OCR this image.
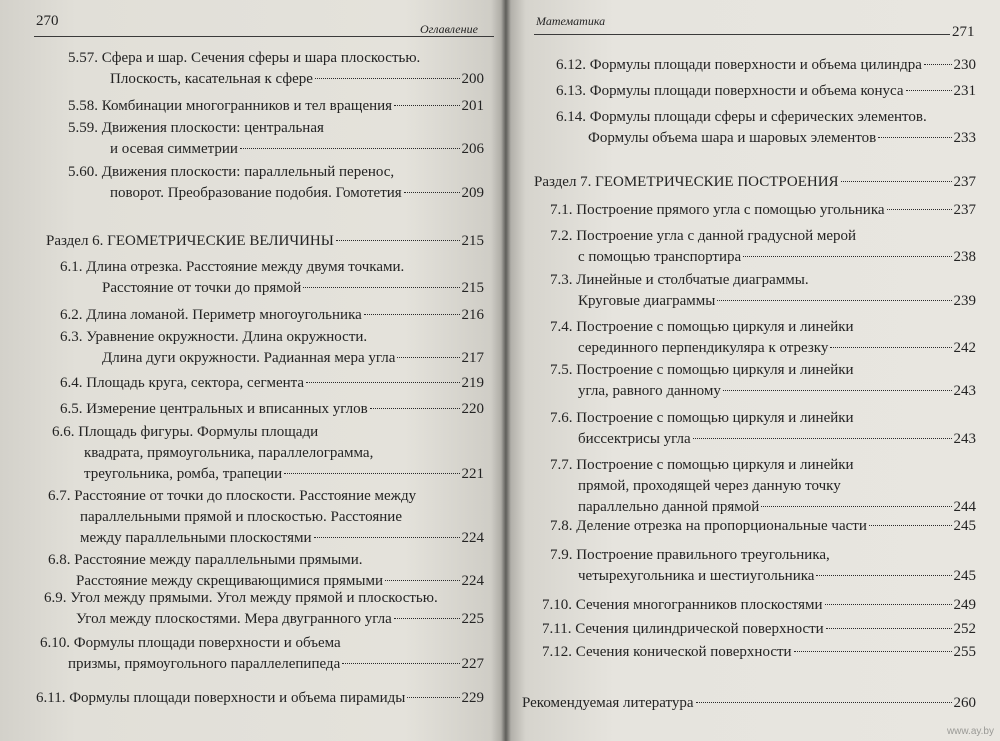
270	Оглавление
5.57. Сфера и шар. Сечения сферы и шара плоскостью.
Плоскость, касательная к сфере	200
5.58. Комбинации многогранников и тел вращения	201
5.59. Движения плоскости: центральная
и осевая симметрии	206
5.60. Движения плоскости: параллельный перенос,
поворот. Преобразование подобия. Гомотетия	209
Раздел 6. ГЕОМЕТРИЧЕСКИЕ ВЕЛИЧИНЫ	215
6.1. Длина отрезка. Расстояние между двумя точками.
Расстояние от точки до прямой	215
6.2. Длина ломаной. Периметр многоугольника	216
6.3. Уравнение окружности. Длина окружности.
Длина дуги окружности. Радианная мера угла	217
6.4. Площадь круга, сектора, сегмента	219
6.5. Измерение центральных и вписанных углов	220
6.6. Площадь фигуры. Формулы площади
квадрата, прямоугольника, параллелограмма,
треугольника, ромба, трапеции	221
6.7. Расстояние от точки до плоскости. Расстояние между
параллельными прямой и плоскостью. Расстояние
между параллельными плоскостями	224
6.8. Расстояние между параллельными прямыми.
Расстояние между скрещивающимися прямыми	224
6.9. Угол между прямыми. Угол между прямой и плоскостью.
Угол между плоскостями. Мера двугранного угла	225
6.10. Формулы площади поверхности и объема
призмы, прямоугольного параллелепипеда	227
6.11. Формулы площади поверхности и объема пирамиды	229
Математика
271
6.12. Формулы площади поверхности и объема цилиндра 230
6.13. Формулы площади поверхности и объема конуса	231
6.14. Формулы площади сферы и сферических элементов.
Формулы объема шара и шаровых элементов	233
Раздел 7. ГЕОМЕТРИЧЕСКИЕ ПОСТРОЕНИЯ	237
7.1. Построение прямого угла с помощью угольника	237
7.2. Построение угла с данной градусной мерой
с помощью транспортира	238
7.3. Линейные и столбчатые диаграммы.
Круговые диаграммы	239
7.4. Построение с помощью циркуля и линейки
серединного перпендикуляра к отрезку	242
7.5. Построение с помощью циркуля и линейки
угла, равного данному	243
7.6. Построение с помощью циркуля и линейки
биссектрисы угла	243
7.7. Построение с помощью циркуля и линейки
прямой, проходящей через данную точку
параллельно данной прямой	244
7.8. Деление отрезка на пропорциональные части	245
7.9. Построение правильного треугольника,
четырехугольника и шестиугольника	245
7.10. Сечения многогранников плоскостями	249
7.11. Сечения цилиндрической поверхности	252
7.12. Сечения конической поверхности	255
Рекомендуемая литература	260
www.ay.by
